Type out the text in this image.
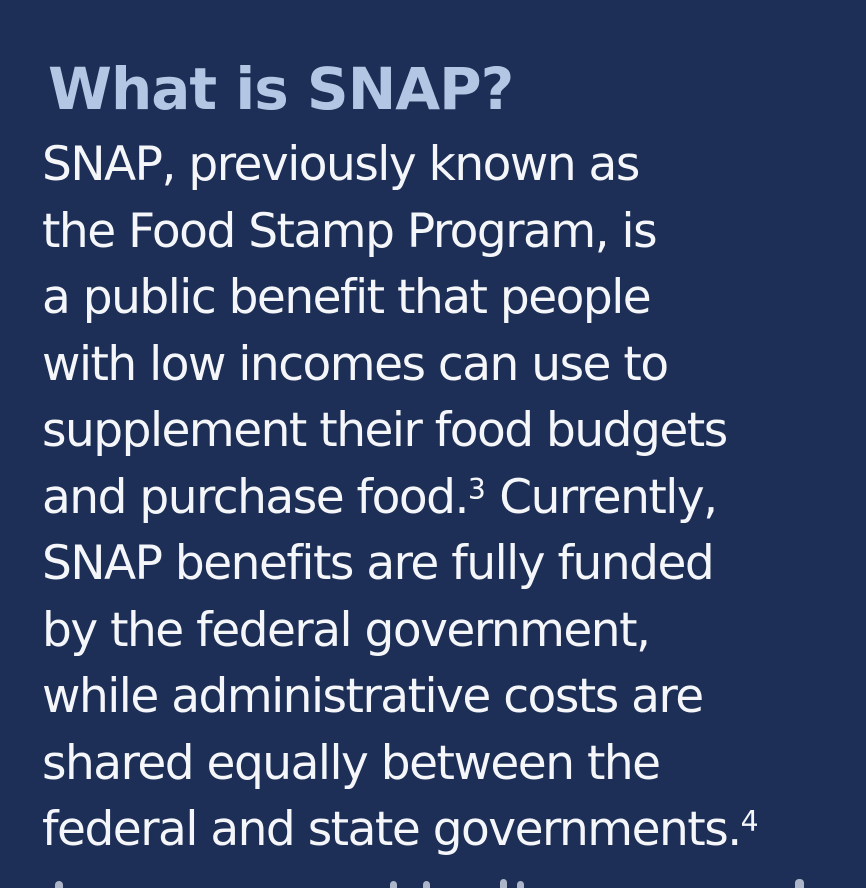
What is SNAP?
SNAP, previously known as
the Food Stamp Program, is
a public benefit that people
with low incomes can use to
supplement their food budgets
and purchase food.$^3$ Currently,
SNAP benefits are fully funded
by the federal government,
while administrative costs are
shared equally between the
federal and state governments.$^4$
